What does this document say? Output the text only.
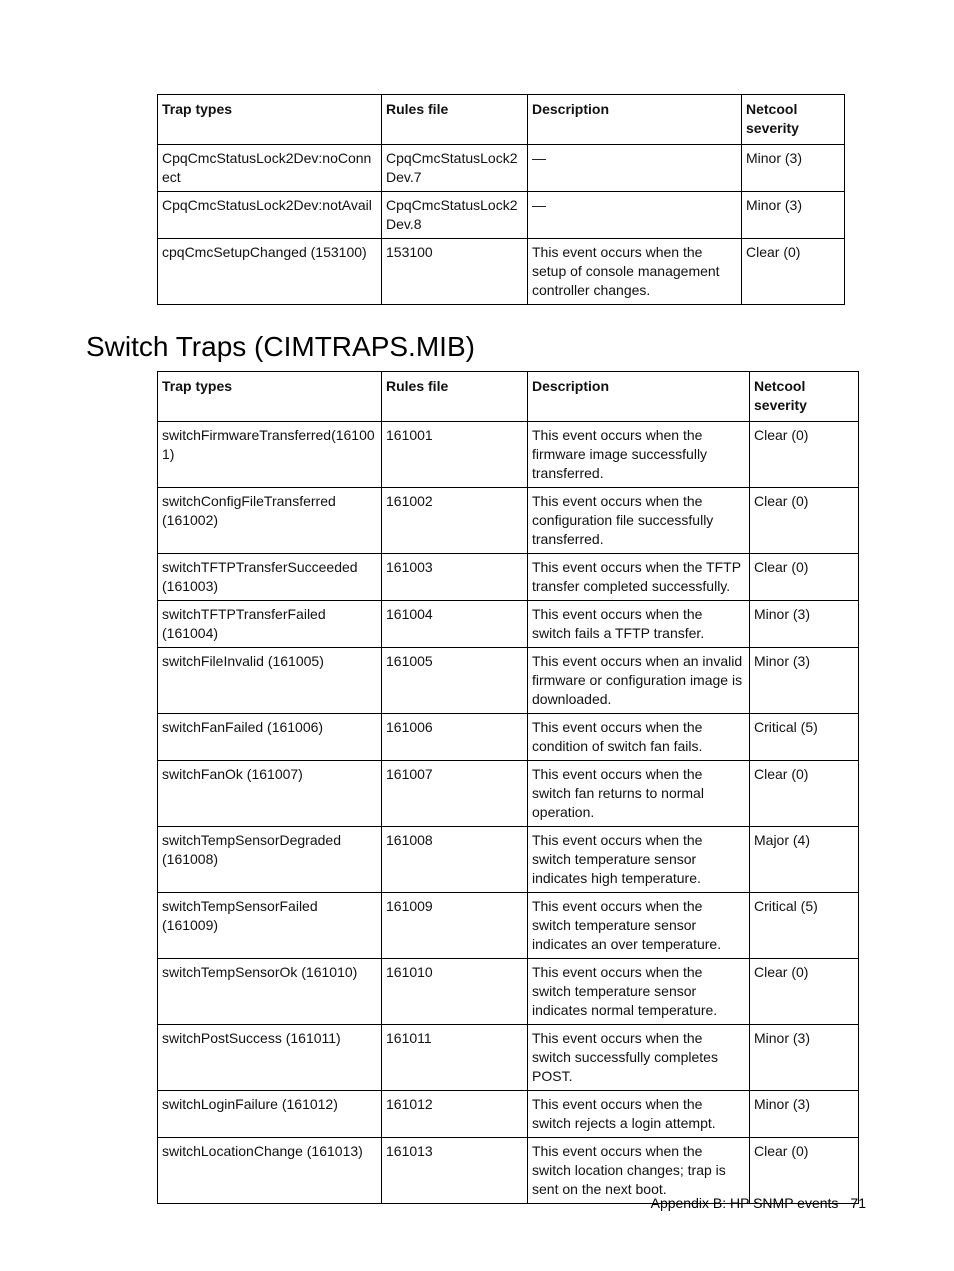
Trap types	Rules file	Description	Netcool severity
CpqCmcStatusLock2Dev:noConnect	CpqCmcStatusLock2Dev.7	—	Minor (3)
CpqCmcStatusLock2Dev:notAvail	CpqCmcStatusLock2Dev.8	—	Minor (3)
cpqCmcSetupChanged (153100)	153100	This event occurs when the setup of console management controller changes.	Clear (0)
Switch Traps (CIMTRAPS.MIB)
Trap types	Rules file	Description	Netcool severity
switchFirmwareTransferred(161001)	161001	This event occurs when the firmware image successfully transferred.	Clear (0)
switchConfigFileTransferred (161002)	161002	This event occurs when the configuration file successfully transferred.	Clear (0)
switchTFTPTransferSucceeded (161003)	161003	This event occurs when the TFTP transfer completed successfully.	Clear (0)
switchTFTPTransferFailed (161004)	161004	This event occurs when the switch fails a TFTP transfer.	Minor (3)
switchFileInvalid (161005)	161005	This event occurs when an invalid firmware or configuration image is downloaded.	Minor (3)
switchFanFailed (161006)	161006	This event occurs when the condition of switch fan fails.	Critical (5)
switchFanOk (161007)	161007	This event occurs when the switch fan returns to normal operation.	Clear (0)
switchTempSensorDegraded (161008)	161008	This event occurs when the switch temperature sensor indicates high temperature.	Major (4)
switchTempSensorFailed (161009)	161009	This event occurs when the switch temperature sensor indicates an over temperature.	Critical (5)
switchTempSensorOk (161010)	161010	This event occurs when the switch temperature sensor indicates normal temperature.	Clear (0)
switchPostSuccess (161011)	161011	This event occurs when the switch successfully completes POST.	Minor (3)
switchLoginFailure (161012)	161012	This event occurs when the switch rejects a login attempt.	Minor (3)
switchLocationChange (161013)	161013	This event occurs when the switch location changes; trap is sent on the next boot.	Clear (0)
Appendix B: HP SNMP events 71
